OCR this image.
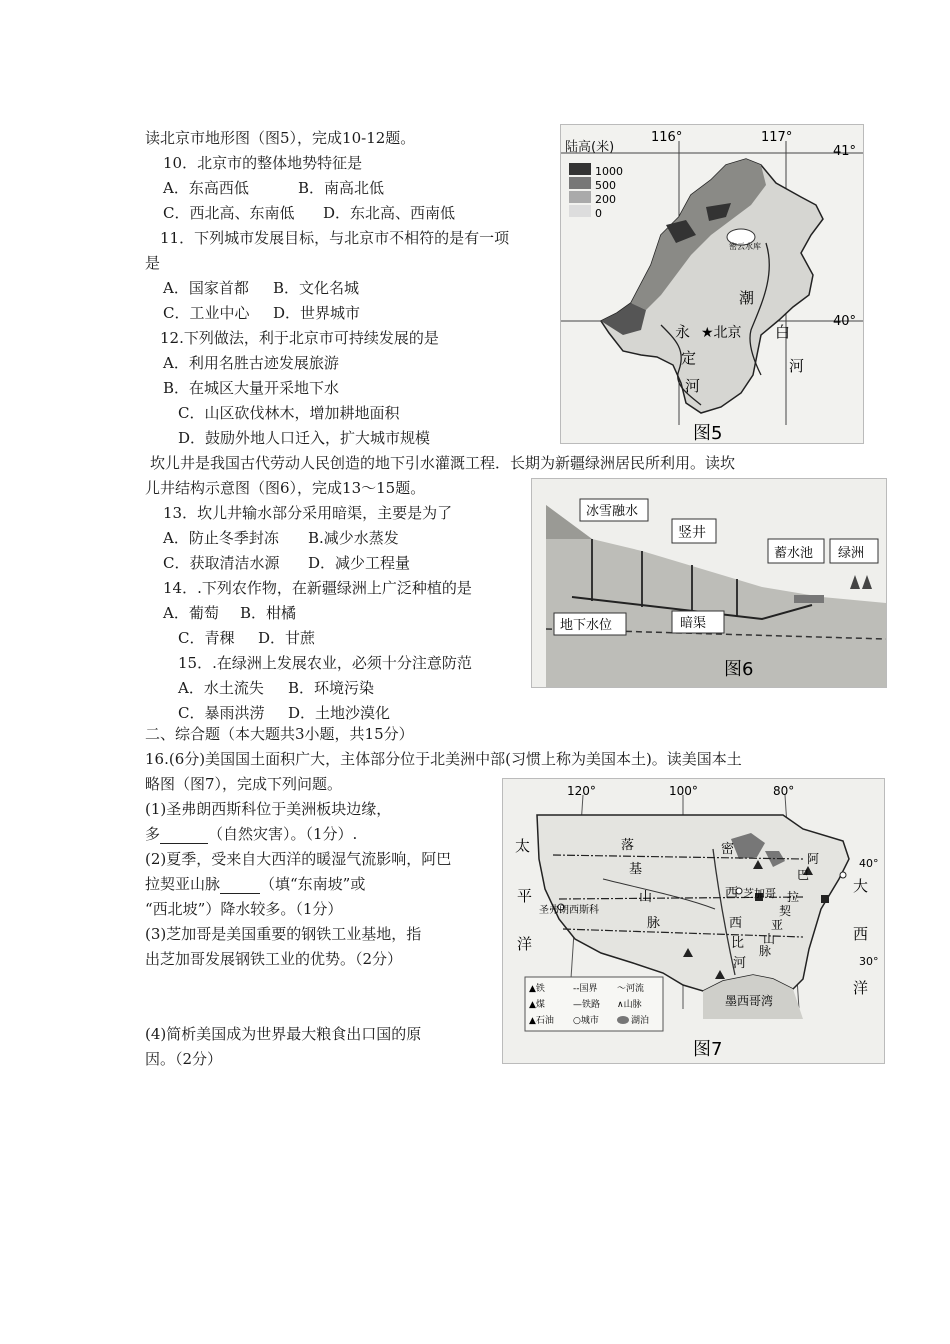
读北京市地形图（图5），完成10-12题。
10．北京市的整体地势特征是
A．东高西低	B．南高北低
C．西北高、东南低 D．东北高、西南低
11．下列城市发展目标，与北京市不相符的是有一项
是
A．国家首都 B．文化名城
C．工业中心 D．世界城市
12.下列做法，利于北京市可持续发展的是
A．利用名胜古迹发展旅游
B．在城区大量开采地下水
C．山区砍伐林木，增加耕地面积
D．鼓励外地人口迁入，扩大城市规模
陆高(米)
1000
500
200
0
116°	117°
41°
40°
密云水库
★北京
潮
白
河
永
定
河
图5
坎儿井是我国古代劳动人民创造的地下引水灌溉工程．长期为新疆绿洲居民所利用。读坎
儿井结构示意图（图6），完成13～15题。
13．坎儿井输水部分采用暗渠，主要是为了
A．防止冬季封冻 B.减少水蒸发
C．获取清洁水源 D．减少工程量
14．.下列农作物，在新疆绿洲上广泛种植的是
A．葡萄 B．柑橘
C．青稞 D．甘蔗
15．.在绿洲上发展农业，必须十分注意防范
A．水土流失 B．环境污染
C．暴雨洪涝 D．土地沙漠化
冰雪融水
竖井
蓄水池 绿洲
地下水位	暗渠
图6
二、综合题（本大题共3小题，共15分）
16.(6分)美国国土面积广大，主体部分位于北美洲中部(习惯上称为美国本土)。读美国本土
略图（图7），完成下列问题。
(1)圣弗朗西斯科位于美洲板块边缘，
多	（自然灾害）。（1分）.
(2)夏季，受来自大西洋的暖湿气流影响，阿巴
拉契亚山脉	（填“东南坡”或
“西北坡”）降水较多。（1分）
(3)芝加哥是美国重要的钢铁工业基地，指
出芝加哥发展钢铁工业的优势。（2分）
(4)简析美国成为世界最大粮食出口国的原
因。（2分）
120°	100°	80°
40°
30°
太
平
洋
大
西
洋
落
基
山
脉
密
西
西
比
河
阿
巴
拉
契
亚
山
脉
圣弗朗西斯科
芝加哥
墨西哥湾
▲铁	--国界 〜河流
▲煤	—铁路 ∧山脉
▲石油 ○城市	湖泊
图7
